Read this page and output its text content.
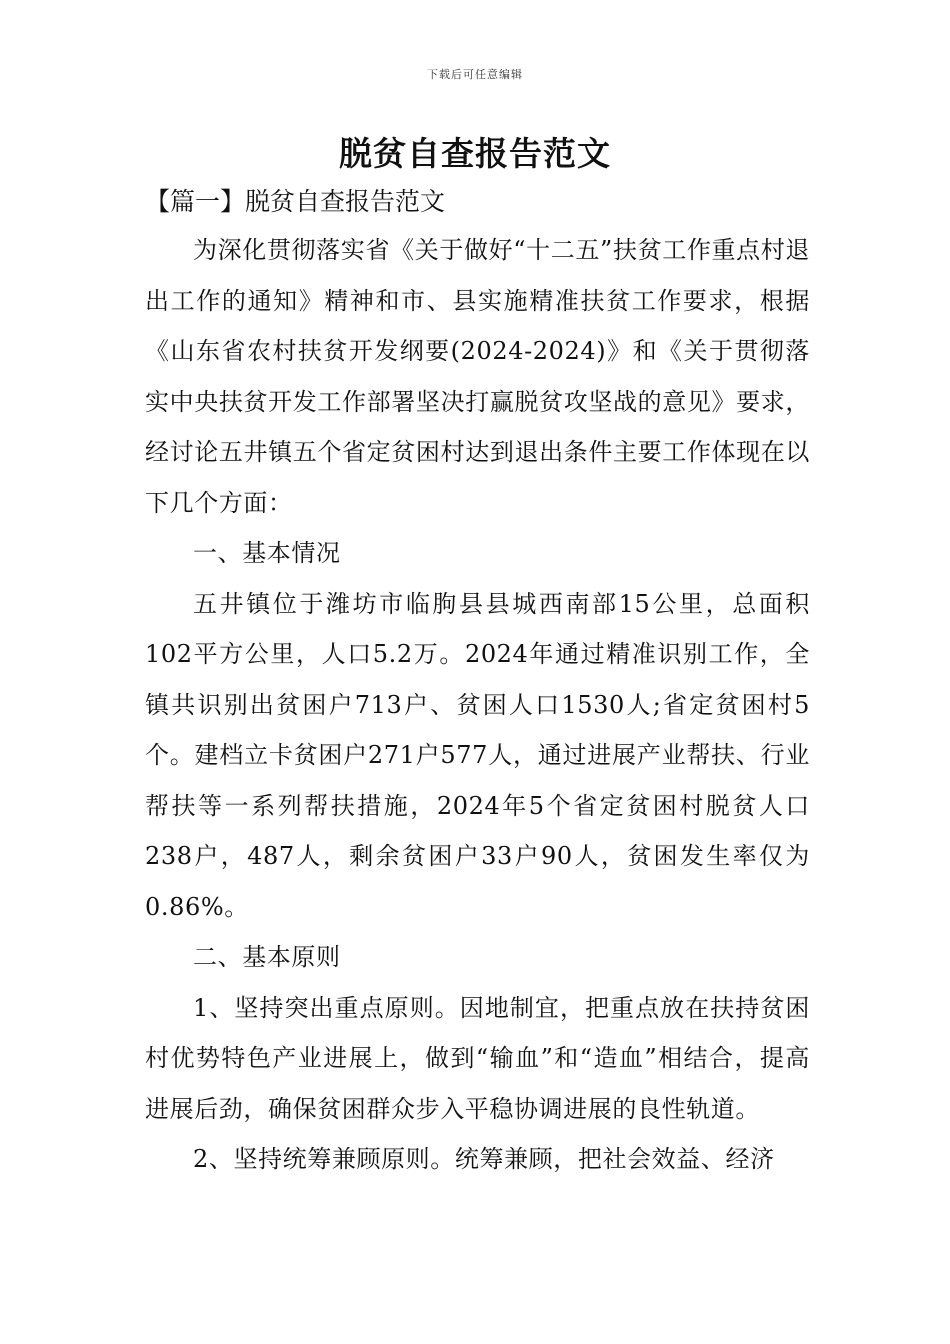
下载后可任意编辑
脱贫自查报告范文
【篇一】脱贫自查报告范文

为深化贯彻落实省《关于做好“十二五”扶贫工作重点村退出工作的通知》精神和市、县实施精准扶贫工作要求，根据《山东省农村扶贫开发纲要(2024-2024)》和《关于贯彻落实中央扶贫开发工作部署坚决打赢脱贫攻坚战的意见》要求，经讨论五井镇五个省定贫困村达到退出条件主要工作体现在以下几个方面：

一、基本情况

五井镇位于潍坊市临朐县县城西南部15公里，总面积102平方公里，人口5.2万。2024年通过精准识别工作，全镇共识别出贫困户713户、贫困人口1530人;省定贫困村5个。建档立卡贫困户271户577人，通过进展产业帮扶、行业帮扶等一系列帮扶措施，2024年5个省定贫困村脱贫人口238户，487人，剩余贫困户33户90人，贫困发生率仅为0.86%。

二、基本原则

1、坚持突出重点原则。因地制宜，把重点放在扶持贫困村优势特色产业进展上，做到“输血”和“造血”相结合，提高进展后劲，确保贫困群众步入平稳协调进展的良性轨道。

2、坚持统筹兼顾原则。统筹兼顾，把社会效益、经济
